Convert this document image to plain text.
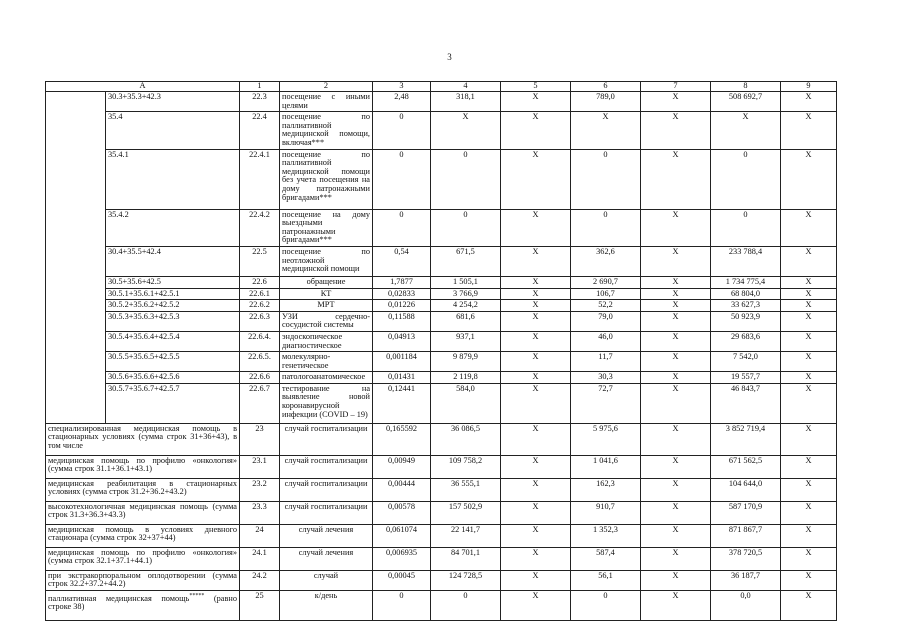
3
А		1	2	3	4	5	6	7	8	9
	30.3+35.3+42.3	22.3	посещение с иными целями	2,48	318,1	Х	789,0	Х	508 692,7	Х
	35.4	22.4	посещение по паллиативной медицинской помощи, включая***	0	Х	Х	Х	Х	Х	Х
	35.4.1	22.4.1	посещение по паллиативной медицинской помощи без учета посещения на дому патронажными бригадами***	0	0	Х	0	Х	0	Х
	35.4.2	22.4.2	посещение на дому выездными патронажными бригадами***	0	0	Х	0	Х	0	Х
	30.4+35.5+42.4	22.5	посещение по неотложной медицинской помощи	0,54	671,5	Х	362,6	Х	233 788,4	Х
	30.5+35.6+42.5	22.6	обращение	1,7877	1 505,1	Х	2 690,7	Х	1 734 775,4	Х
	30.5.1+35.6.1+42.5.1	22.6.1	КТ	0,02833	3 766,9	Х	106,7	Х	68 804,0	Х
	30.5.2+35.6.2+42.5.2	22.6.2	МРТ	0,01226	4 254,2	Х	52,2	Х	33 627,3	Х
	30.5.3+35.6.3+42.5.3	22.6.3	УЗИ сердечно-сосудистой системы	0,11588	681,6	Х	79,0	Х	50 923,9	Х
	30.5.4+35.6.4+42.5.4	22.6.4.	эндоскопическое диагностическое	0,04913	937,1	Х	46,0	Х	29 683,6	Х
	30.5.5+35.6.5+42.5.5	22.6.5.	молекулярно-генетическое	0,001184	9 879,9	Х	11,7	Х	7 542,0	Х
	30.5.6+35.6.6+42.5.6	22.6.6	патологоанатомическое	0,01431	2 119,8	Х	30,3	Х	19 557,7	Х
	30.5.7+35.6.7+42.5.7	22.6.7	тестирование на выявление новой коронавирусной инфекции (COVID – 19)	0,12441	584,0	Х	72,7	Х	46 843,7	Х
специализированная медицинская помощь в стационарных условиях (сумма строк 31+36+43), в том числе		23	случай госпитализации	0,165592	36 086,5	Х	5 975,6	Х	3 852 719,4	Х
медицинская помощь по профилю «онкология» (сумма строк 31.1+36.1+43.1)		23.1	случай госпитализации	0,00949	109 758,2	Х	1 041,6	Х	671 562,5	Х
медицинская реабилитация в стационарных условиях (сумма строк 31.2+36.2+43.2)		23.2	случай госпитализации	0,00444	36 555,1	Х	162,3	Х	104 644,0	Х
высокотехнологичная медицинская помощь (сумма строк 31.3+36.3+43.3)		23.3	случай госпитализации	0,00578	157 502,9	Х	910,7	Х	587 170,9	Х
медицинская помощь в условиях дневного стационара (сумма строк 32+37+44)		24	случай лечения	0,061074	22 141,7	Х	1 352,3	Х	871 867,7	Х
медицинская помощь по профилю «онкология» (сумма строк 32.1+37.1+44.1)		24.1	случай лечения	0,006935	84 701,1	Х	587,4	Х	378 720,5	Х
при экстракорпоральном оплодотворении (сумма строк 32.2+37.2+44.2)		24.2	случай	0,00045	124 728,5	Х	56,1	Х	36 187,7	Х
паллиативная медицинская помощь***** (равно строке 38)		25	к/день	0	0	Х	0	Х	0,0	Х
